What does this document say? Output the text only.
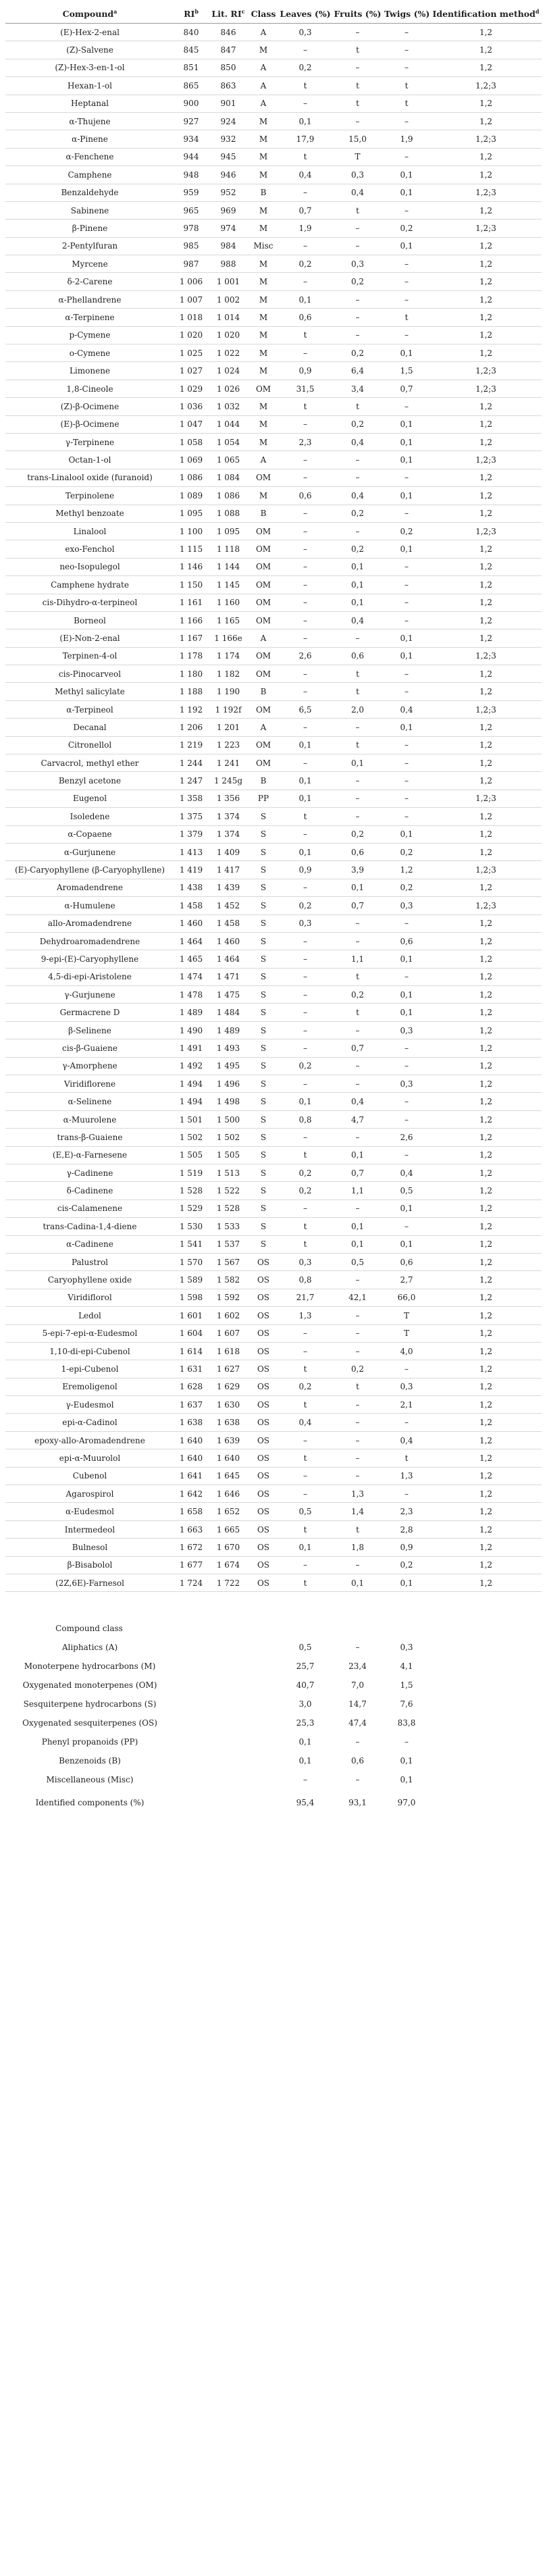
Compound$^a$	$RI^b$	Lit. $RI^c$	Class	Leaves (%)	Fruits (%)	Twigs (%)	Identification method$^d$
(E)-Hex-2-enal	840	846	A	0,3	–	–	1,2
(Z)-Salvene	845	847	M	–	t	–	1,2
(Z)-Hex-3-en-1-ol	851	850	A	0,2	–	–	1,2
Hexan-1-ol	865	863	A	t	t	t	1,2;3
Heptanal	900	901	A	–	t	t	1,2
α-Thujene	927	924	M	0,1	–	–	1,2
α-Pinene	934	932	M	17,9	15,0	1,9	1,2;3
α-Fenchene	944	945	M	t	T	–	1,2
Camphene	948	946	M	0,4	0,3	0,1	1,2
Benzaldehyde	959	952	B	–	0,4	0,1	1,2;3
Sabinene	965	969	M	0,7	t	–	1,2
β-Pinene	978	974	M	1,9	–	0,2	1,2;3
2-Pentylfuran	985	984	Misc	–	–	0,1	1,2
Myrcene	987	988	M	0,2	0,3	–	1,2
δ-2-Carene	1 006	1 001	M	–	0,2	–	1,2
α-Phellandrene	1 007	1 002	M	0,1	–	–	1,2
α-Terpinene	1 018	1 014	M	0,6	–	t	1,2
p-Cymene	1 020	1 020	M	t	–	–	1,2
o-Cymene	1 025	1 022	M	–	0,2	0,1	1,2
Limonene	1 027	1 024	M	0,9	6,4	1,5	1,2;3
1,8-Cineole	1 029	1 026	OM	31,5	3,4	0,7	1,2;3
(Z)-β-Ocimene	1 036	1 032	M	t	t	–	1,2
(E)-β-Ocimene	1 047	1 044	M	–	0,2	0,1	1,2
γ-Terpinene	1 058	1 054	M	2,3	0,4	0,1	1,2
Octan-1-ol	1 069	1 065	A	–	–	0,1	1,2;3
trans-Linalool oxide (furanoid)	1 086	1 084	OM	–	–	–	1,2
Terpinolene	1 089	1 086	M	0,6	0,4	0,1	1,2
Methyl benzoate	1 095	1 088	B	–	0,2	–	1,2
Linalool	1 100	1 095	OM	–	–	0,2	1,2;3
exo-Fenchol	1 115	1 118	OM	–	0,2	0,1	1,2
neo-Isopulegol	1 146	1 144	OM	–	0,1	–	1,2
Camphene hydrate	1 150	1 145	OM	–	0,1	–	1,2
cis-Dihydro-α-terpineol	1 161	1 160	OM	–	0,1	–	1,2
Borneol	1 166	1 165	OM	–	0,4	–	1,2
(E)-Non-2-enal	1 167	1 166e	A	–	–	0,1	1,2
Terpinen-4-ol	1 178	1 174	OM	2,6	0,6	0,1	1,2;3
cis-Pinocarveol	1 180	1 182	OM	–	t	–	1,2
Methyl salicylate	1 188	1 190	B	–	t	–	1,2
α-Terpineol	1 192	1 192f	OM	6,5	2,0	0,4	1,2;3
Decanal	1 206	1 201	A	–	–	0,1	1,2
Citronellol	1 219	1 223	OM	0,1	t	–	1,2
Carvacrol, methyl ether	1 244	1 241	OM	–	0,1	–	1,2
Benzyl acetone	1 247	1 245g	B	0,1	–	–	1,2
Eugenol	1 358	1 356	PP	0,1	–	–	1,2;3
Isoledene	1 375	1 374	S	t	–	–	1,2
α-Copaene	1 379	1 374	S	–	0,2	0,1	1,2
α-Gurjunene	1 413	1 409	S	0,1	0,6	0,2	1,2
(E)-Caryophyllene (β-Caryophyllene)	1 419	1 417	S	0,9	3,9	1,2	1,2;3
Aromadendrene	1 438	1 439	S	–	0,1	0,2	1,2
α-Humulene	1 458	1 452	S	0,2	0,7	0,3	1,2;3
allo-Aromadendrene	1 460	1 458	S	0,3	–	–	1,2
Dehydroaromadendrene	1 464	1 460	S	–	–	0,6	1,2
9-epi-(E)-Caryophyllene	1 465	1 464	S	–	1,1	0,1	1,2
4,5-di-epi-Aristolene	1 474	1 471	S	–	t	–	1,2
γ-Gurjunene	1 478	1 475	S	–	0,2	0,1	1,2
Germacrene D	1 489	1 484	S	–	t	0,1	1,2
β-Selinene	1 490	1 489	S	–	–	0,3	1,2
cis-β-Guaiene	1 491	1 493	S	–	0,7	–	1,2
γ-Amorphene	1 492	1 495	S	0,2	–	–	1,2
Viridiflorene	1 494	1 496	S	–	–	0,3	1,2
α-Selinene	1 494	1 498	S	0,1	0,4	–	1,2
α-Muurolene	1 501	1 500	S	0,8	4,7	–	1,2
trans-β-Guaiene	1 502	1 502	S	–	–	2,6	1,2
(E,E)-α-Farnesene	1 505	1 505	S	t	0,1	–	1,2
γ-Cadinene	1 519	1 513	S	0,2	0,7	0,4	1,2
δ-Cadinene	1 528	1 522	S	0,2	1,1	0,5	1,2
cis-Calamenene	1 529	1 528	S	–	–	0,1	1,2
trans-Cadina-1,4-diene	1 530	1 533	S	t	0,1	–	1,2
α-Cadinene	1 541	1 537	S	t	0,1	0,1	1,2
Palustrol	1 570	1 567	OS	0,3	0,5	0,6	1,2
Caryophyllene oxide	1 589	1 582	OS	0,8	–	2,7	1,2
Viridiflorol	1 598	1 592	OS	21,7	42,1	66,0	1,2
Ledol	1 601	1 602	OS	1,3	–	T	1,2
5-epi-7-epi-α-Eudesmol	1 604	1 607	OS	–	–	T	1,2
1,10-di-epi-Cubenol	1 614	1 618	OS	–	–	4,0	1,2
1-epi-Cubenol	1 631	1 627	OS	t	0,2	–	1,2
Eremoligenol	1 628	1 629	OS	0,2	t	0,3	1,2
γ-Eudesmol	1 637	1 630	OS	t	–	2,1	1,2
epi-α-Cadinol	1 638	1 638	OS	0,4	–	–	1,2
epoxy-allo-Aromadendrene	1 640	1 639	OS	–	–	0,4	1,2
epi-α-Muurolol	1 640	1 640	OS	t	–	t	1,2
Cubenol	1 641	1 645	OS	–	–	1,3	1,2
Agarospirol	1 642	1 646	OS	–	1,3	–	1,2
α-Eudesmol	1 658	1 652	OS	0,5	1,4	2,3	1,2
Intermedeol	1 663	1 665	OS	t	t	2,8	1,2
Bulnesol	1 672	1 670	OS	0,1	1,8	0,9	1,2
β-Bisabolol	1 677	1 674	OS	–	–	0,2	1,2
(2Z,6E)-Farnesol	1 724	1 722	OS	t	0,1	0,1	1,2

Compound class							
Aliphatics (A)				0,5	–	0,3	
Monoterpene hydrocarbons (M)				25,7	23,4	4,1	
Oxygenated monoterpenes (OM)				40,7	7,0	1,5	
Sesquiterpene hydrocarbons (S)				3,0	14,7	7,6	
Oxygenated sesquiterpenes (OS)				25,3	47,4	83,8	
Phenyl propanoids (PP)				0,1	–	–	
Benzenoids (B)				0,1	0,6	0,1	
Miscellaneous (Misc)				–	–	0,1	
Identified components (%)				95,4	93,1	97,0	
